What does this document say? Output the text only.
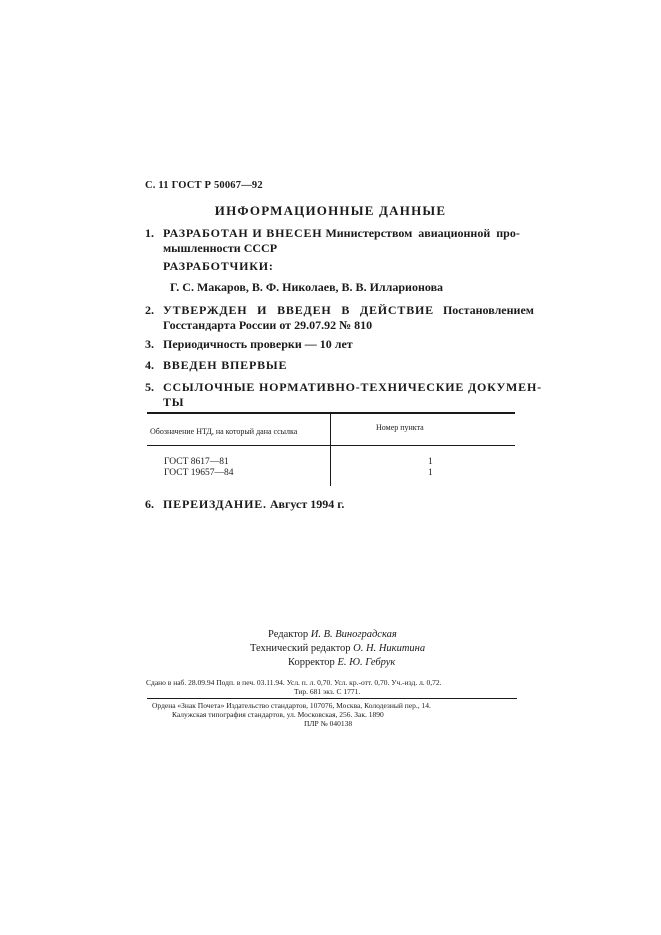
С. 11 ГОСТ Р 50067—92
ИНФОРМАЦИОННЫЕ ДАННЫЕ
1. РАЗРАБОТАН И ВНЕСЕН Министерством авиационной про-
мышленности СССР
РАЗРАБОТЧИКИ:
Г. С. Макаров, В. Ф. Николаев, В. В. Илларионова
2. УТВЕРЖДЕН И ВВЕДЕН В ДЕЙСТВИЕ Постановлением
Госстандарта России от 29.07.92 № 810
3. Периодичность проверки — 10 лет
4. ВВЕДЕН ВПЕРВЫЕ
5. ССЫЛОЧНЫЕ НОРМАТИВНО-ТЕХНИЧЕСКИЕ ДОКУМЕН-
ТЫ
Обозначение НТД, на который дана ссылка	Номер пункта
ГОСТ 8617—81
ГОСТ 19657—84
1
1
6. ПЕРЕИЗДАНИЕ. Август 1994 г.
Редактор И. В. Виноградская
Технический редактор О. Н. Никитина
Корректор Е. Ю. Гебрук
Сдано в наб. 28.09.94 Подп. в печ. 03.11.94. Усл. п. л. 0,70. Усл. кр.-отт. 0,70. Уч.-изд. л. 0,72.
Тир. 681 экз. С 1771.
Ордена «Знак Почета» Издательство стандартов, 107076, Москва, Колодезный пер., 14.
Калужская типография стандартов, ул. Московская, 256. Зак. 1890
ПЛР № 040138
